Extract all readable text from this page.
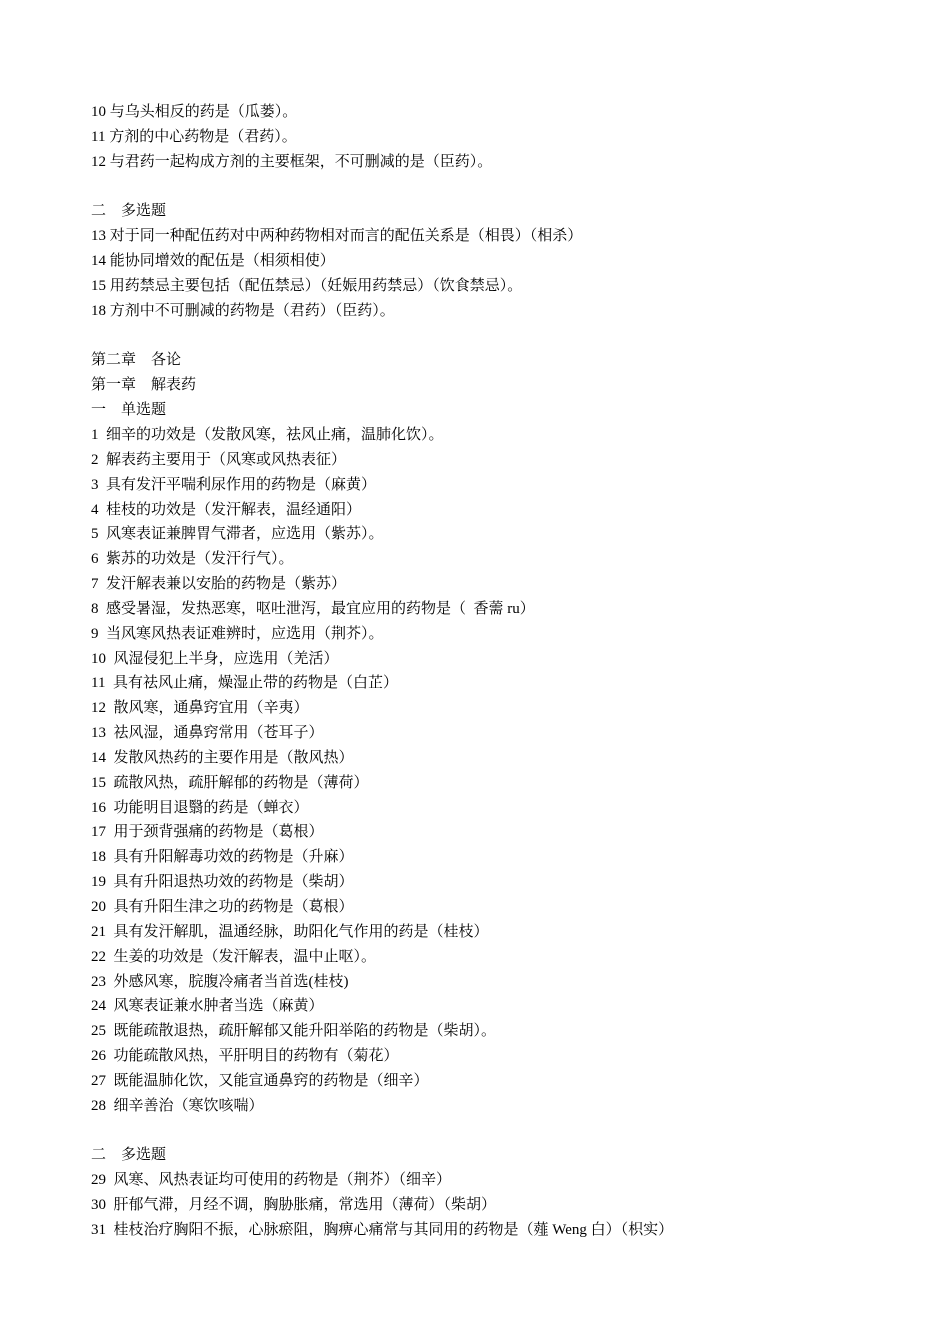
10 与乌头相反的药是（瓜蒌）。
11 方剂的中心药物是（君药）。
12 与君药一起构成方剂的主要框架，不可删减的是（臣药）。
二　多选题
13 对于同一种配伍药对中两种药物相对而言的配伍关系是（相畏）（相杀）
14 能协同增效的配伍是（相须相使）
15 用药禁忌主要包括（配伍禁忌）（妊娠用药禁忌）（饮食禁忌）。
18 方剂中不可删减的药物是（君药）（臣药）。
第二章　各论
第一章　解表药
一　单选题
1  细辛的功效是（发散风寒，祛风止痛，温肺化饮）。
2  解表药主要用于（风寒或风热表征）
3  具有发汗平喘利尿作用的药物是（麻黄）
4  桂枝的功效是（发汗解表，温经通阳）
5  风寒表证兼脾胃气滞者，应选用（紫苏）。
6  紫苏的功效是（发汗行气）。
7  发汗解表兼以安胎的药物是（紫苏）
8  感受暑湿，发热恶寒，呕吐泄泻，最宜应用的药物是（  香薷 ru）
9  当风寒风热表证难辨时，应选用（荆芥）。
10  风湿侵犯上半身，应选用（羌活）
11  具有祛风止痛，燥湿止带的药物是（白芷）
12  散风寒，通鼻窍宜用（辛夷）
13  祛风湿，通鼻窍常用（苍耳子）
14  发散风热药的主要作用是（散风热）
15  疏散风热，疏肝解郁的药物是（薄荷）
16  功能明目退翳的药是（蝉衣）
17  用于颈背强痛的药物是（葛根）
18  具有升阳解毒功效的药物是（升麻）
19  具有升阳退热功效的药物是（柴胡）
20  具有升阳生津之功的药物是（葛根）
21  具有发汗解肌，温通经脉，助阳化气作用的药是（桂枝）
22  生姜的功效是（发汗解表，温中止呕）。
23  外感风寒，脘腹冷痛者当首选(桂枝)
24  风寒表证兼水肿者当选（麻黄）
25  既能疏散退热，疏肝解郁又能升阳举陷的药物是（柴胡）。
26  功能疏散风热，平肝明目的药物有（菊花）
27  既能温肺化饮，又能宣通鼻窍的药物是（细辛）
28  细辛善治（寒饮咳喘）
二　多选题
29  风寒、风热表证均可使用的药物是（荆芥）（细辛）
30  肝郁气滞，月经不调，胸胁胀痛，常选用（薄荷）（柴胡）
31  桂枝治疗胸阳不振，心脉瘀阻，胸痹心痛常与其同用的药物是（薤 Weng 白）（枳实）
